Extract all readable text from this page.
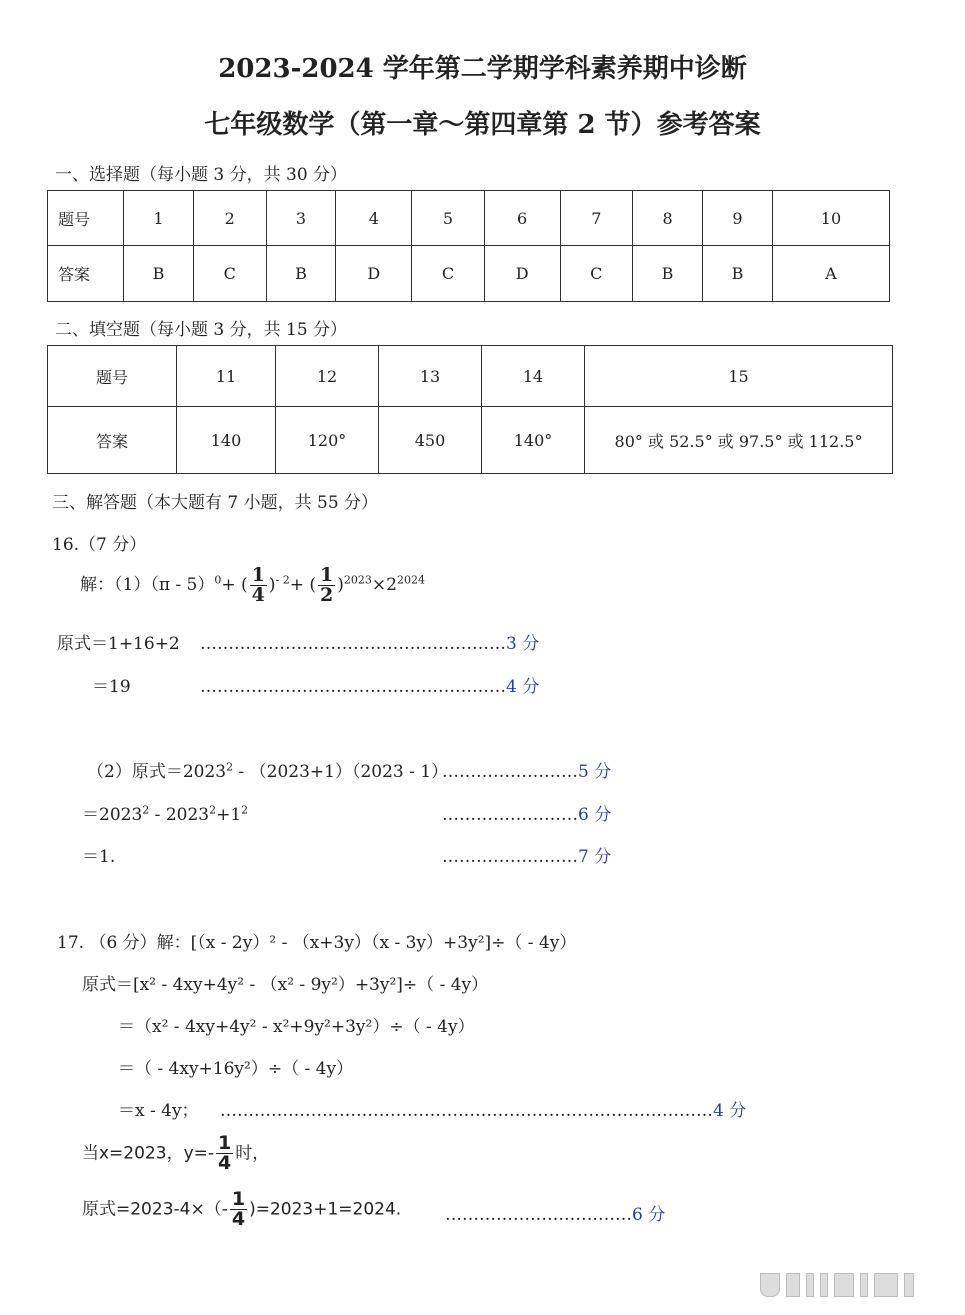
2023-2024 学年第二学期学科素养期中诊断
七年级数学（第一章～第四章第 2 节）参考答案
一、选择题（每小题 3 分，共 30 分）
题号	1	2	3	4	5	6	7	8	9	10
答案	B	C	B	D	C	D	C	B	B	A
二、填空题（每小题 3 分，共 15 分）
题号	11	12	13	14	15
答案	140	120°	450	140°	80° 或 52.5° 或 97.5° 或 112.5°
三、解答题（本大题有 7 小题，共 55 分）
16.（7 分）
解：（1）（π - 5）$^0$+ ( $\frac{1}{4} )^{- 2}+$ ( $\frac{1}{2} )^{2023}\times 2^{2024}$
原式＝1+16+2 ………………………………………………3 分
＝19	………………………………………………4 分
（2）原式$=2023^2 - (2023+1)(2023 - 1)$
……………………5 分
$=2023^2 - 2023^2+1^2$	……………………6 分
＝1.	……………………7 分
17. （6 分）解：[（x - 2y）² - （x+3y）（x - 3y）+3y²]÷（ - 4y）
原式＝[x² - 4xy+4y² - （x² - 9y²）+3y²]÷（ - 4y）
＝（x² - 4xy+4y² - x²+9y²+3y²）÷（ - 4y）
＝（ - 4xy+16y²）÷（ - 4y）
＝x - 4y； ……………………………………………………………………………4 分
当x=2023，$y=- \frac{1}{4}$ 时，
原式$=2023-4\times(- \frac{1}{4} )=2023+1=2024$.	……………………………6 分
